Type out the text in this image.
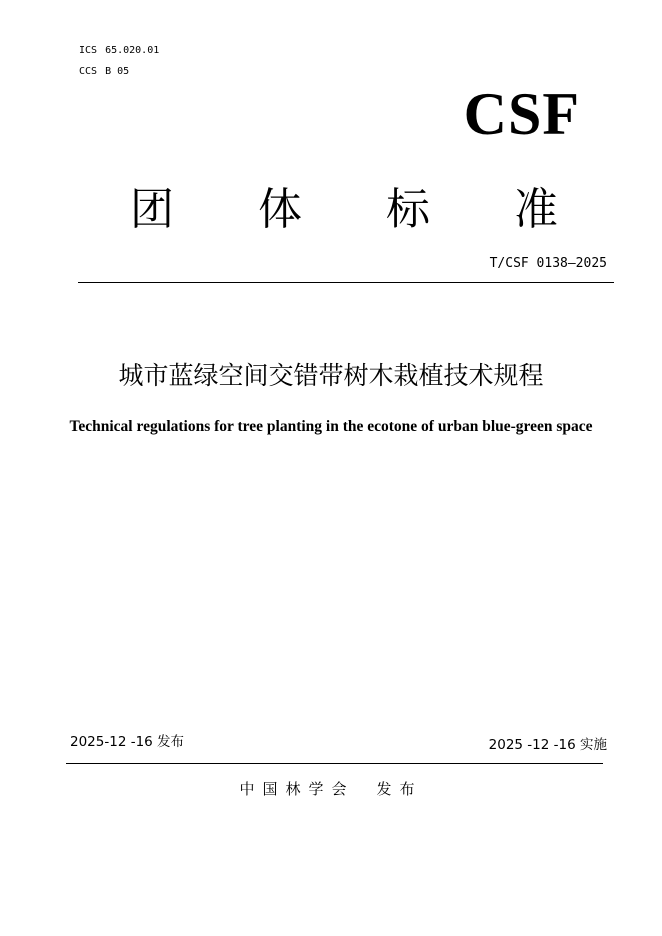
ICS 65.020.01
CCS B 05
CSF
团 体 标 准
T/CSF 0138—2025
城市蓝绿空间交错带树木栽植技术规程
Technical regulations for tree planting in the ecotone of urban blue-green space
2025-12 -16 发布	2025 -12 -16 实施
中国林学会 发布
